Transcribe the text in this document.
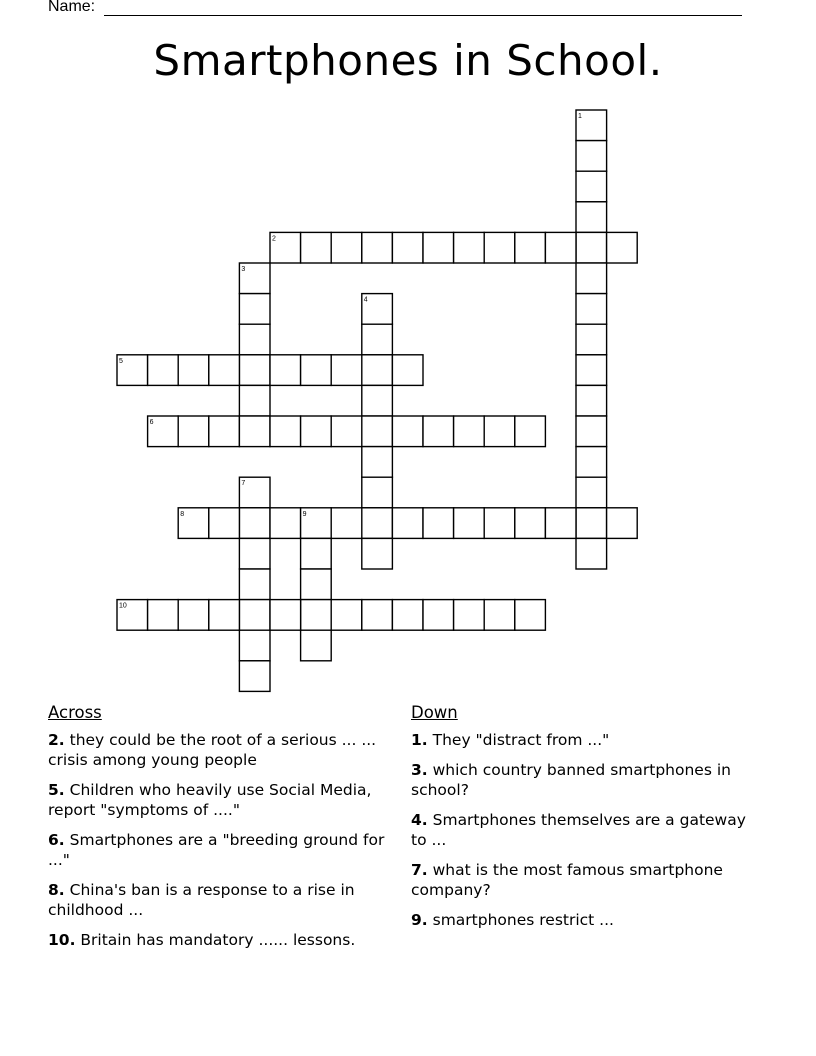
Name:
Smartphones in School.
1
2
3
4
5
6
7
8	9
10
Across
2. they could be the root of a serious ... ... crisis among young people
5. Children who heavily use Social Media, report "symptoms of ...."
6. Smartphones are a "breeding ground for ..."
8. China's ban is a response to a rise in childhood ...
10. Britain has mandatory ...... lessons.
Down
1. They "distract from ..."
3. which country banned smartphones in school?
4. Smartphones themselves are a gateway to ...
7. what is the most famous smartphone company?
9. smartphones restrict ...
